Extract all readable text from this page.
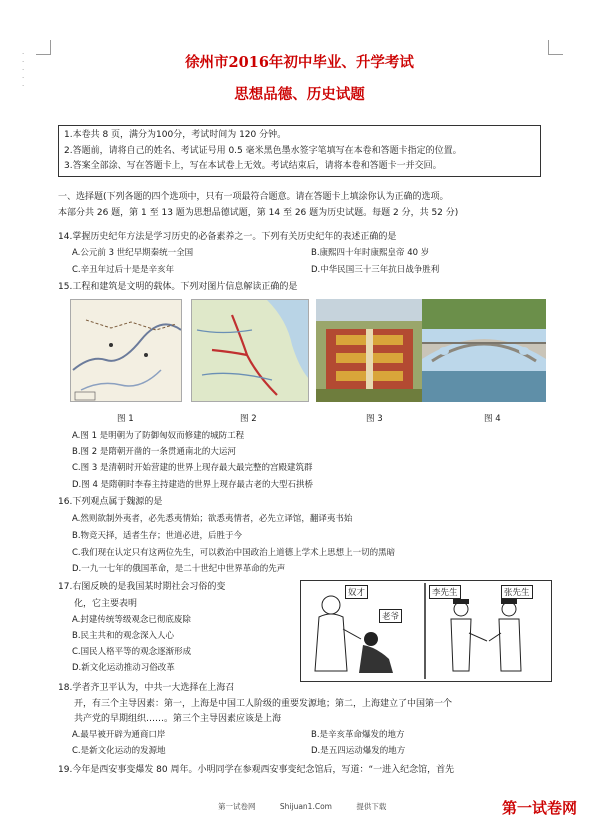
·
·
·
·
·
徐州市2016年初中毕业、升学考试
思想品德、历史试题
1.本卷共 8 页，满分为100分，考试时间为 120 分钟。
2.答题前，请将自己的姓名、考试证号用 0.5 毫米黑色墨水签字笔填写在本卷和答题卡指定的位置。
3.答案全部涂、写在答题卡上，写在本试卷上无效。考试结束后，请将本卷和答题卡一并交回。
一、选择题(下列各题的四个选项中，只有一项最符合题意。请在答题卡上填涂你认为正确的选项。
本部分共 26 题，第 1 至 13 题为思想品德试题，第 14 至 26 题为历史试题。每题 2 分，共 52 分)
14.掌握历史纪年方法是学习历史的必备素养之一。下列有关历史纪年的表述正确的是
A.公元前 3 世纪早期秦统一全国	B.康熙四十年时康熙皇帝 40 岁
C.辛丑年过后十是是辛亥年	D.中华民国三十三年抗日战争胜利
15.工程和建筑是文明的载体。下列对图片信息解读正确的是
图 1	图 2	图 3	图 4
A.图 1 是明朝为了防御匈奴而修建的城防工程
B.图 2 是隋朝开凿的一条贯通南北的大运河
C.图 3 是清朝时开始营建的世界上现存最大最完整的宫殿建筑群
D.图 4 是隋朝时李春主持建造的世界上现存最古老的大型石拱桥
16.下列观点属于魏源的是
A.然则欲制外夷者，必先悉夷情始；欲悉夷情者，必先立译馆，翻译夷书始
B.物竞天择，适者生存；世道必进，后胜于今
C.我们现在认定只有这两位先生，可以救治中国政治上道德上学术上思想上一切的黑暗
D.一九一七年的俄国革命，是二十世纪中世界革命的先声
17.右图反映的是我国某时期社会习俗的变
化，它主要表明
A.封建传统等级观念已彻底废除
B.民主共和的观念深入人心
C.国民人格平等的观念逐渐形成
D.新文化运动推动习俗改革
奴才
老爷
李先生	张先生
18.学者齐卫平认为，中共一大选择在上海召
开，有三个主导因素：第一，上海是中国工人阶级的重要发源地；第二，上海建立了中国第一个
共产党的早期组织……。第三个主导因素应该是上海
A.最早被开辟为通商口岸	B.是辛亥革命爆发的地方
C.是新文化运动的发源地	D.是五四运动爆发的地方
19.今年是西安事变爆发 80 周年。小明同学在参观西安事变纪念馆后，写道：“一进入纪念馆，首先
第一试卷网	Shijuan1.Com	提供下载	第一试卷网
